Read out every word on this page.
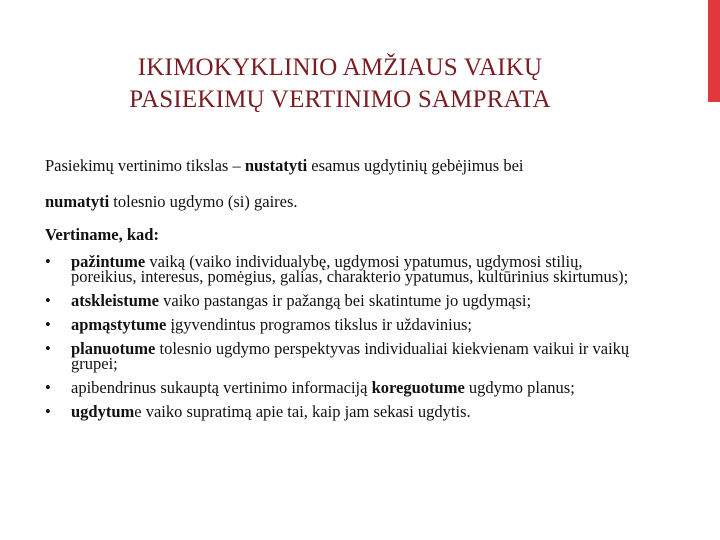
IKIMOKYKLINIO AMŽIAUS VAIKŲ
PASIEKIMŲ VERTINIMO SAMPRATA

Pasiekimų vertinimo tikslas – nustatyti esamus ugdytinių gebėjimus bei
numatyti tolesnio ugdymo (si) gaires.

Vertiname, kad:
• pažintume vaiką (vaiko individualybę, ugdymosi ypatumus, ugdymosi stilių, poreikius, interesus, pomėgius, galias, charakterio ypatumus, kultūrinius skirtumus);
• atskleistume vaiko pastangas ir pažangą bei skatintume jo ugdymąsi;
• apmąstytume įgyvendintus programos tikslus ir uždavinius;
• planuotume tolesnio ugdymo perspektyvas individualiai kiekvienam vaikui ir vaikų grupei;
• apibendrinus sukauptą vertinimo informaciją koreguotume ugdymo planus;
• ugdytume vaiko supratimą apie tai, kaip jam sekasi ugdytis.
